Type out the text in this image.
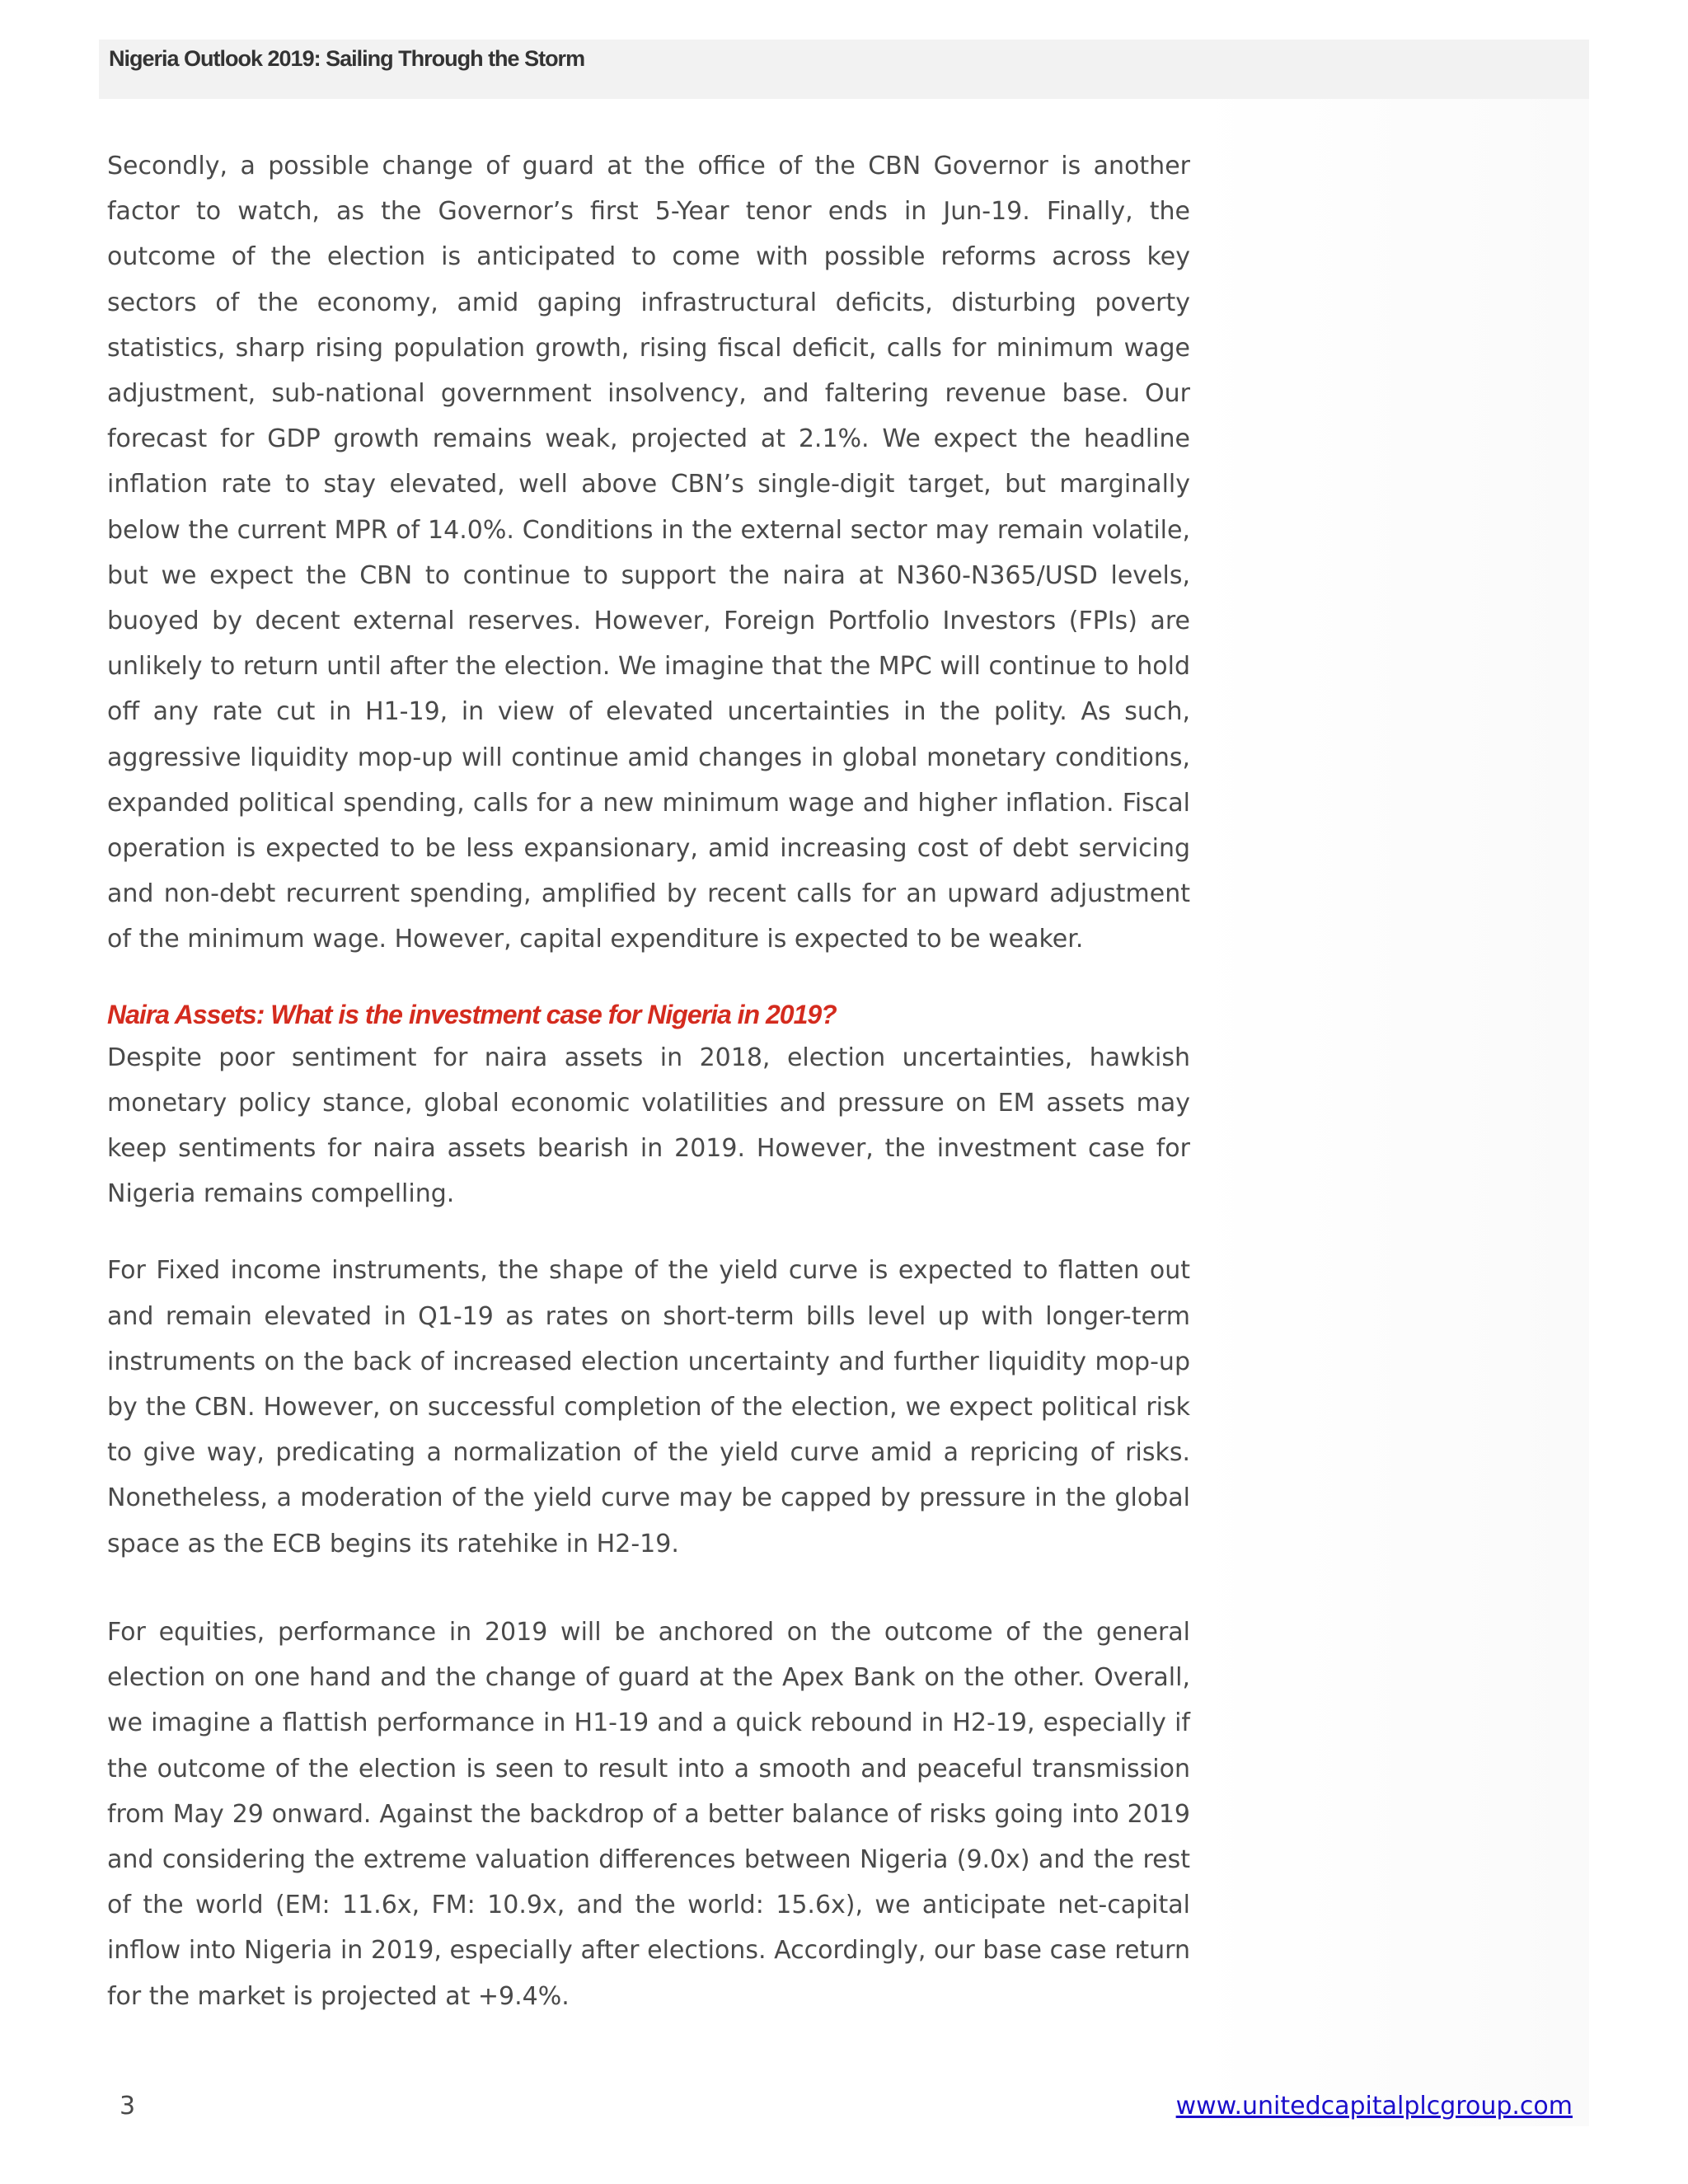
Nigeria Outlook 2019: Sailing Through the Storm

Secondly, a possible change of guard at the office of the CBN Governor is another factor to watch, as the Governor’s first 5-Year tenor ends in Jun-19. Finally, the outcome of the election is anticipated to come with possible reforms across key sectors of the economy, amid gaping infrastructural deficits, disturbing poverty statistics, sharp rising population growth, rising fiscal deficit, calls for minimum wage adjustment, sub-national government insolvency, and faltering revenue base. Our forecast for GDP growth remains weak, projected at 2.1%. We expect the headline inflation rate to stay elevated, well above CBN’s single-digit target, but marginally below the current MPR of 14.0%. Conditions in the external sector may remain volatile, but we expect the CBN to continue to support the naira at N360-N365/USD levels, buoyed by decent external reserves. However, Foreign Portfolio Investors (FPIs) are unlikely to return until after the election. We imagine that the MPC will continue to hold off any rate cut in H1-19, in view of elevated uncertainties in the polity. As such, aggressive liquidity mop-up will continue amid changes in global monetary conditions, expanded political spending, calls for a new minimum wage and higher inflation. Fiscal operation is expected to be less expansionary, amid increasing cost of debt servicing and non-debt recurrent spending, amplified by recent calls for an upward adjustment of the minimum wage. However, capital expenditure is expected to be weaker.

Naira Assets: What is the investment case for Nigeria in 2019?

Despite poor sentiment for naira assets in 2018, election uncertainties, hawkish monetary policy stance, global economic volatilities and pressure on EM assets may keep sentiments for naira assets bearish in 2019. However, the investment case for Nigeria remains compelling.

For Fixed income instruments, the shape of the yield curve is expected to flatten out and remain elevated in Q1-19 as rates on short-term bills level up with longer-term instruments on the back of increased election uncertainty and further liquidity mop-up by the CBN. However, on successful completion of the election, we expect political risk to give way, predicating a normalization of the yield curve amid a repricing of risks. Nonetheless, a moderation of the yield curve may be capped by pressure in the global space as the ECB begins its ratehike in H2-19.

For equities, performance in 2019 will be anchored on the outcome of the general election on one hand and the change of guard at the Apex Bank on the other. Overall, we imagine a flattish performance in H1-19 and a quick rebound in H2-19, especially if the outcome of the election is seen to result into a smooth and peaceful transmission from May 29 onward. Against the backdrop of a better balance of risks going into 2019 and considering the extreme valuation differences between Nigeria (9.0x) and the rest of the world (EM: 11.6x, FM: 10.9x, and the world: 15.6x), we anticipate net-capital inflow into Nigeria in 2019, especially after elections. Accordingly, our base case return for the market is projected at +9.4%.

3	www.unitedcapitalplcgroup.com
